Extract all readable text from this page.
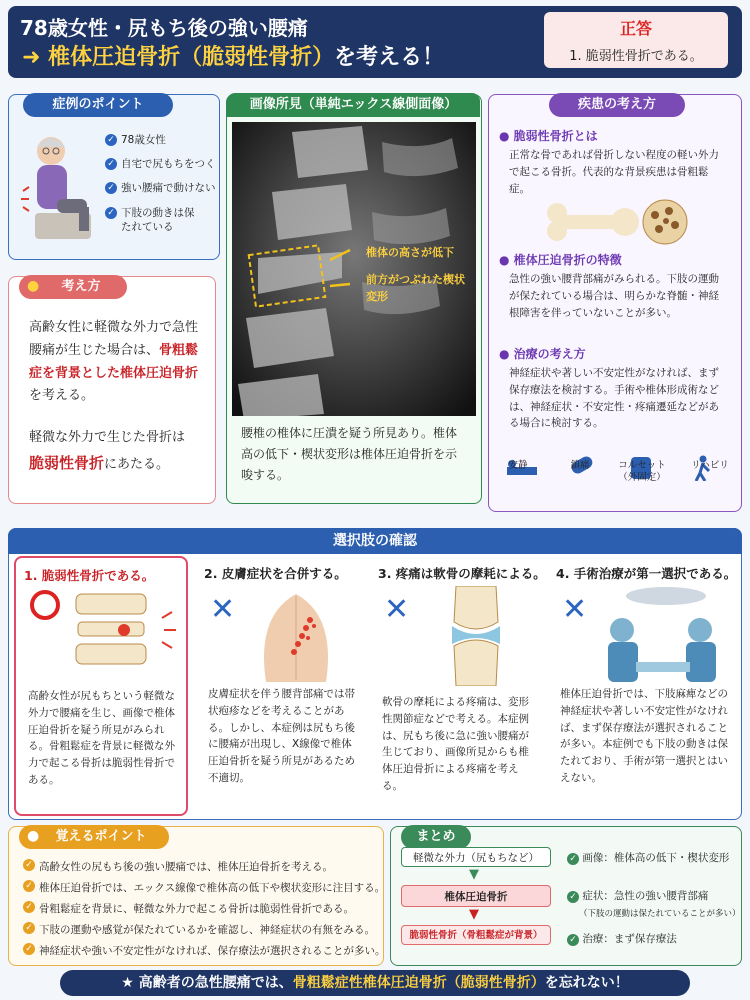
78歳女性・尻もち後の強い腰痛
➜ 椎体圧迫骨折（脆弱性骨折）を考える！
正答
1. 脆弱性骨折である。
症例のポイント
✓ 78歳女性
✓ 自宅で尻もちをつく
✓ 強い腰痛で動けない
✓ 下肢の動きは保たれている
考え方
●

高齢女性に軽微な外力で急性腰痛が生じた場合は、骨粗鬆症を背景とした椎体圧迫骨折を考える。

軽微な外力で生じた骨折は
脆弱性骨折にあたる。

画像所見（単純エックス線側面像）

腰椎の椎体に圧潰を疑う所見あり。椎体高の低下・楔状変形は椎体圧迫骨折を示唆する。

椎体の高さが低下
前方がつぶれた楔状変形
疾患の考え方
● 脆弱性骨折とは
正常な骨であれば骨折しない程度の軽い外力で起こる骨折。代表的な背景疾患は骨粗鬆症。
● 椎体圧迫骨折の特徴
急性の強い腰背部痛がみられる。下肢の運動が保たれている場合は、明らかな脊髄・神経根障害を伴っていないことが多い。
● 治療の考え方
神経症状や著しい不安定性がなければ、まず保存療法を検討する。手術や椎体形成術などは、神経症状・不安定性・疼痛遷延などがある場合に検討する。
安静	鎮痛	コルセット（外固定）
リハビリ
選択肢の確認
1. 脆弱性骨折である。

高齢女性が尻もちという軽微な外力で腰痛を生じ、画像で椎体圧迫骨折を疑う所見がみられる。骨粗鬆症を背景に軽微な外力で起こる骨折は脆弱性骨折である。

2. 皮膚症状を合併する。
✕

皮膚症状を伴う腰背部痛では帯状疱疹などを考えることがある。しかし、本症例は尻もち後に腰痛が出現し、X線像で椎体圧迫骨折を疑う所見があるため不適切。

3. 疼痛は軟骨の摩耗による。
✕

軟骨の摩耗による疼痛は、変形性関節症などで考える。本症例は、尻もち後に急に強い腰痛が生じており、画像所見からも椎体圧迫骨折による疼痛を考える。

4. 手術治療が第一選択である。
✕

椎体圧迫骨折では、下肢麻痺などの神経症状や著しい不安定性がなければ、まず保存療法が選択されることが多い。本症例でも下肢の動きは保たれており、手術が第一選択とはいえない。

覚えるポイント
●
✓ 高齢女性の尻もち後の強い腰痛では、椎体圧迫骨折を考える。
✓ 椎体圧迫骨折では、エックス線像で椎体高の低下や楔状変形に注目する。
✓ 骨粗鬆症を背景に、軽微な外力で起こる骨折は脆弱性骨折である。
✓ 下肢の運動や感覚が保たれているかを確認し、神経症状の有無をみる。
✓ 神経症状や強い不安定性がなければ、保存療法が選択されることが多い。
まとめ
軽微な外力（尻もちなど）
▼
椎体圧迫骨折
▼
脆弱性骨折（骨粗鬆症が背景）
✓ 画像：椎体高の低下・楔状変形
✓ 症状：急性の強い腰背部痛
（下肢の運動は保たれていることが多い）
✓ 治療：まず保存療法
★ 高齢者の急性腰痛では、骨粗鬆症性椎体圧迫骨折（脆弱性骨折）を忘れない！
